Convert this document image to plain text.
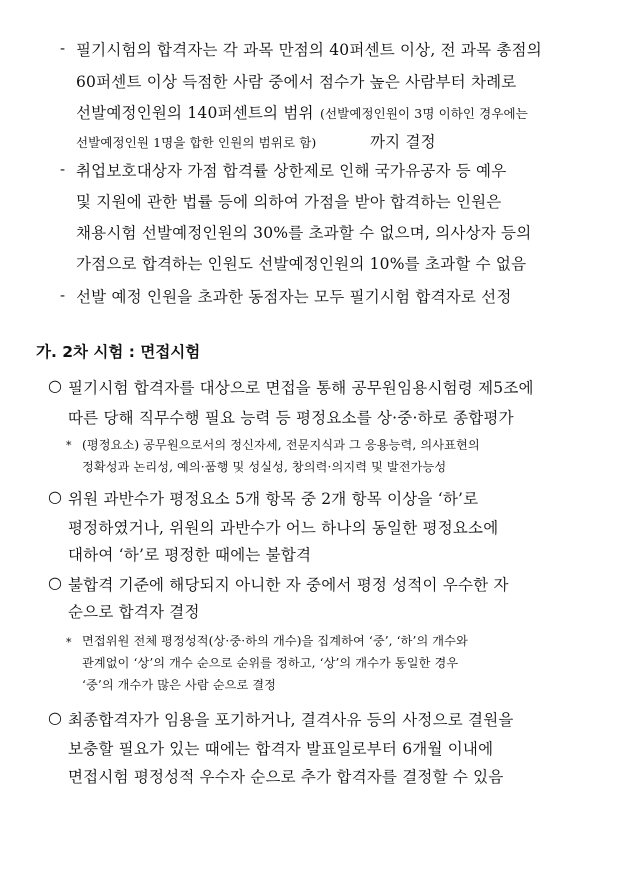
- 필기시험의 합격자는 각 과목 만점의 40퍼센트 이상, 전 과목 총점의
60퍼센트 이상 득점한 사람 중에서 점수가 높은 사람부터 차례로
선발예정인원의 140퍼센트의 범위 (선발예정인원이 3명 이하인 경우에는
선발예정인원 1명을 합한 인원의 범위로 함)	까지 결정
- 취업보호대상자 가점 합격률 상한제로 인해 국가유공자 등 예우
및 지원에 관한 법률 등에 의하여 가점을 받아 합격하는 인원은
채용시험 선발예정인원의 30%를 초과할 수 없으며, 의사상자 등의
가점으로 합격하는 인원도 선발예정인원의 10%를 초과할 수 없음
- 선발 예정 인원을 초과한 동점자는 모두 필기시험 합격자로 선정
가. 2차 시험 : 면접시험
○ 필기시험 합격자를 대상으로 면접을 통해 공무원임용시험령 제5조에
따른 당해 직무수행 필요 능력 등 평정요소를 상·중·하로 종합평가
* (평정요소) 공무원으로서의 정신자세, 전문지식과 그 응용능력, 의사표현의
정확성과 논리성, 예의·품행 및 성실성, 창의력·의지력 및 발전가능성
○ 위원 과반수가 평정요소 5개 항목 중 2개 항목 이상을 ‘하’로
평정하였거나, 위원의 과반수가 어느 하나의 동일한 평정요소에
대하여 ‘하’로 평정한 때에는 불합격
○ 불합격 기준에 해당되지 아니한 자 중에서 평정 성적이 우수한 자
순으로 합격자 결정
* 면접위원 전체 평정성적(상·중·하의 개수)을 집계하여 ‘중’, ‘하’의 개수와
관계없이 ‘상’의 개수 순으로 순위를 정하고, ‘상’의 개수가 동일한 경우
‘중’의 개수가 많은 사람 순으로 결정
○ 최종합격자가 임용을 포기하거나, 결격사유 등의 사정으로 결원을
보충할 필요가 있는 때에는 합격자 발표일로부터 6개월 이내에
면접시험 평정성적 우수자 순으로 추가 합격자를 결정할 수 있음
